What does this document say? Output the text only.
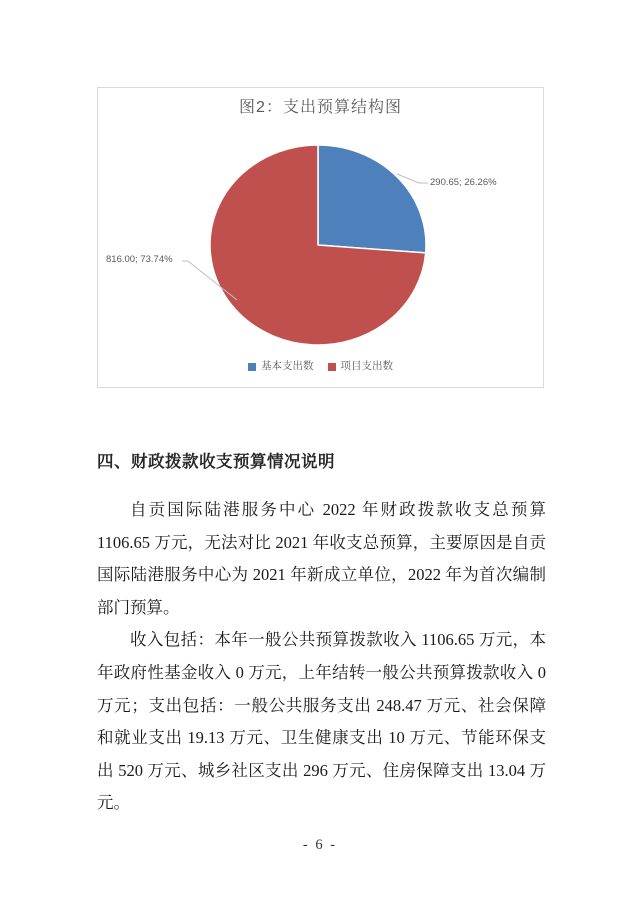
图2：支出预算结构图
290.65; 26.26%
816.00; 73.74%
基本支出数	项目支出数
四、财政拨款收支预算情况说明

自贡国际陆港服务中心 2022 年财政拨款收支总预算 1106.65 万元，无法对比 2021 年收支总预算，主要原因是自贡国际陆港服务中心为 2021 年新成立单位，2022 年为首次编制部门预算。

收入包括：本年一般公共预算拨款收入 1106.65 万元，本年政府性基金收入 0 万元，上年结转一般公共预算拨款收入 0 万元；支出包括：一般公共服务支出 248.47 万元、社会保障和就业支出 19.13 万元、卫生健康支出 10 万元、节能环保支出 520 万元、城乡社区支出 296 万元、住房保障支出 13.04 万元。

- 6 -
